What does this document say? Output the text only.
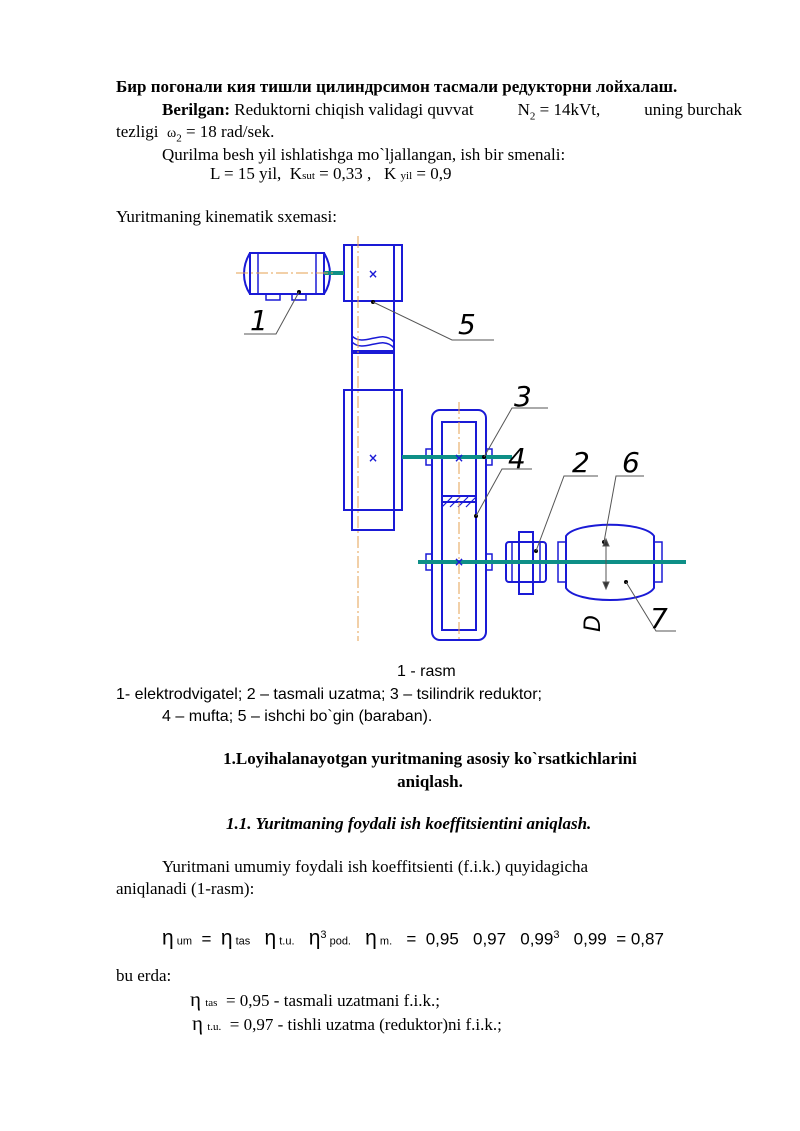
Бир погонали кия тишли цилиндрсимон тасмали редукторни лойхалаш.
Berilgan: Reduktorni chiqish validagi quvvat	$N_2 = 14kVt$,	uning burchak
tezligi $\omega_2 = 18$ rad/sek.
Qurilma besh yil ishlatishga mo`ljallangan, ish bir smenali:
L = 15 yil, Ksut = 0,33 , K yil = 0,9
Yuritmaning kinematik sxemasi:
×
×	×
×
1
2
3
4
5
6
7
D
1 - rasm
1- elektrodvigatel; 2 – tasmali uzatma; 3 – tsilindrik reduktor;
4 – mufta; 5 – ishchi bo`gin (baraban).
1.Loyihalanayotgan yuritmaning asosiy ko`rsatkichlarini
aniqlash.
1.1. Yuritmaning foydali ish koeffitsientini aniqlash.
Yuritmani umumiy foydali ish koeffitsienti (f.i.k.) quyidagicha
aniqlanadi (1-rasm):
η um = η tas η t.u. $\eta^3$ pod. η m. = 0,95 0,97 0,99$^3$ 0,99 = 0,87
bu erda:
η tas = 0,95 - tasmali uzatmani f.i.k.;
η t.u. = 0,97 - tishli uzatma (reduktor)ni f.i.k.;
